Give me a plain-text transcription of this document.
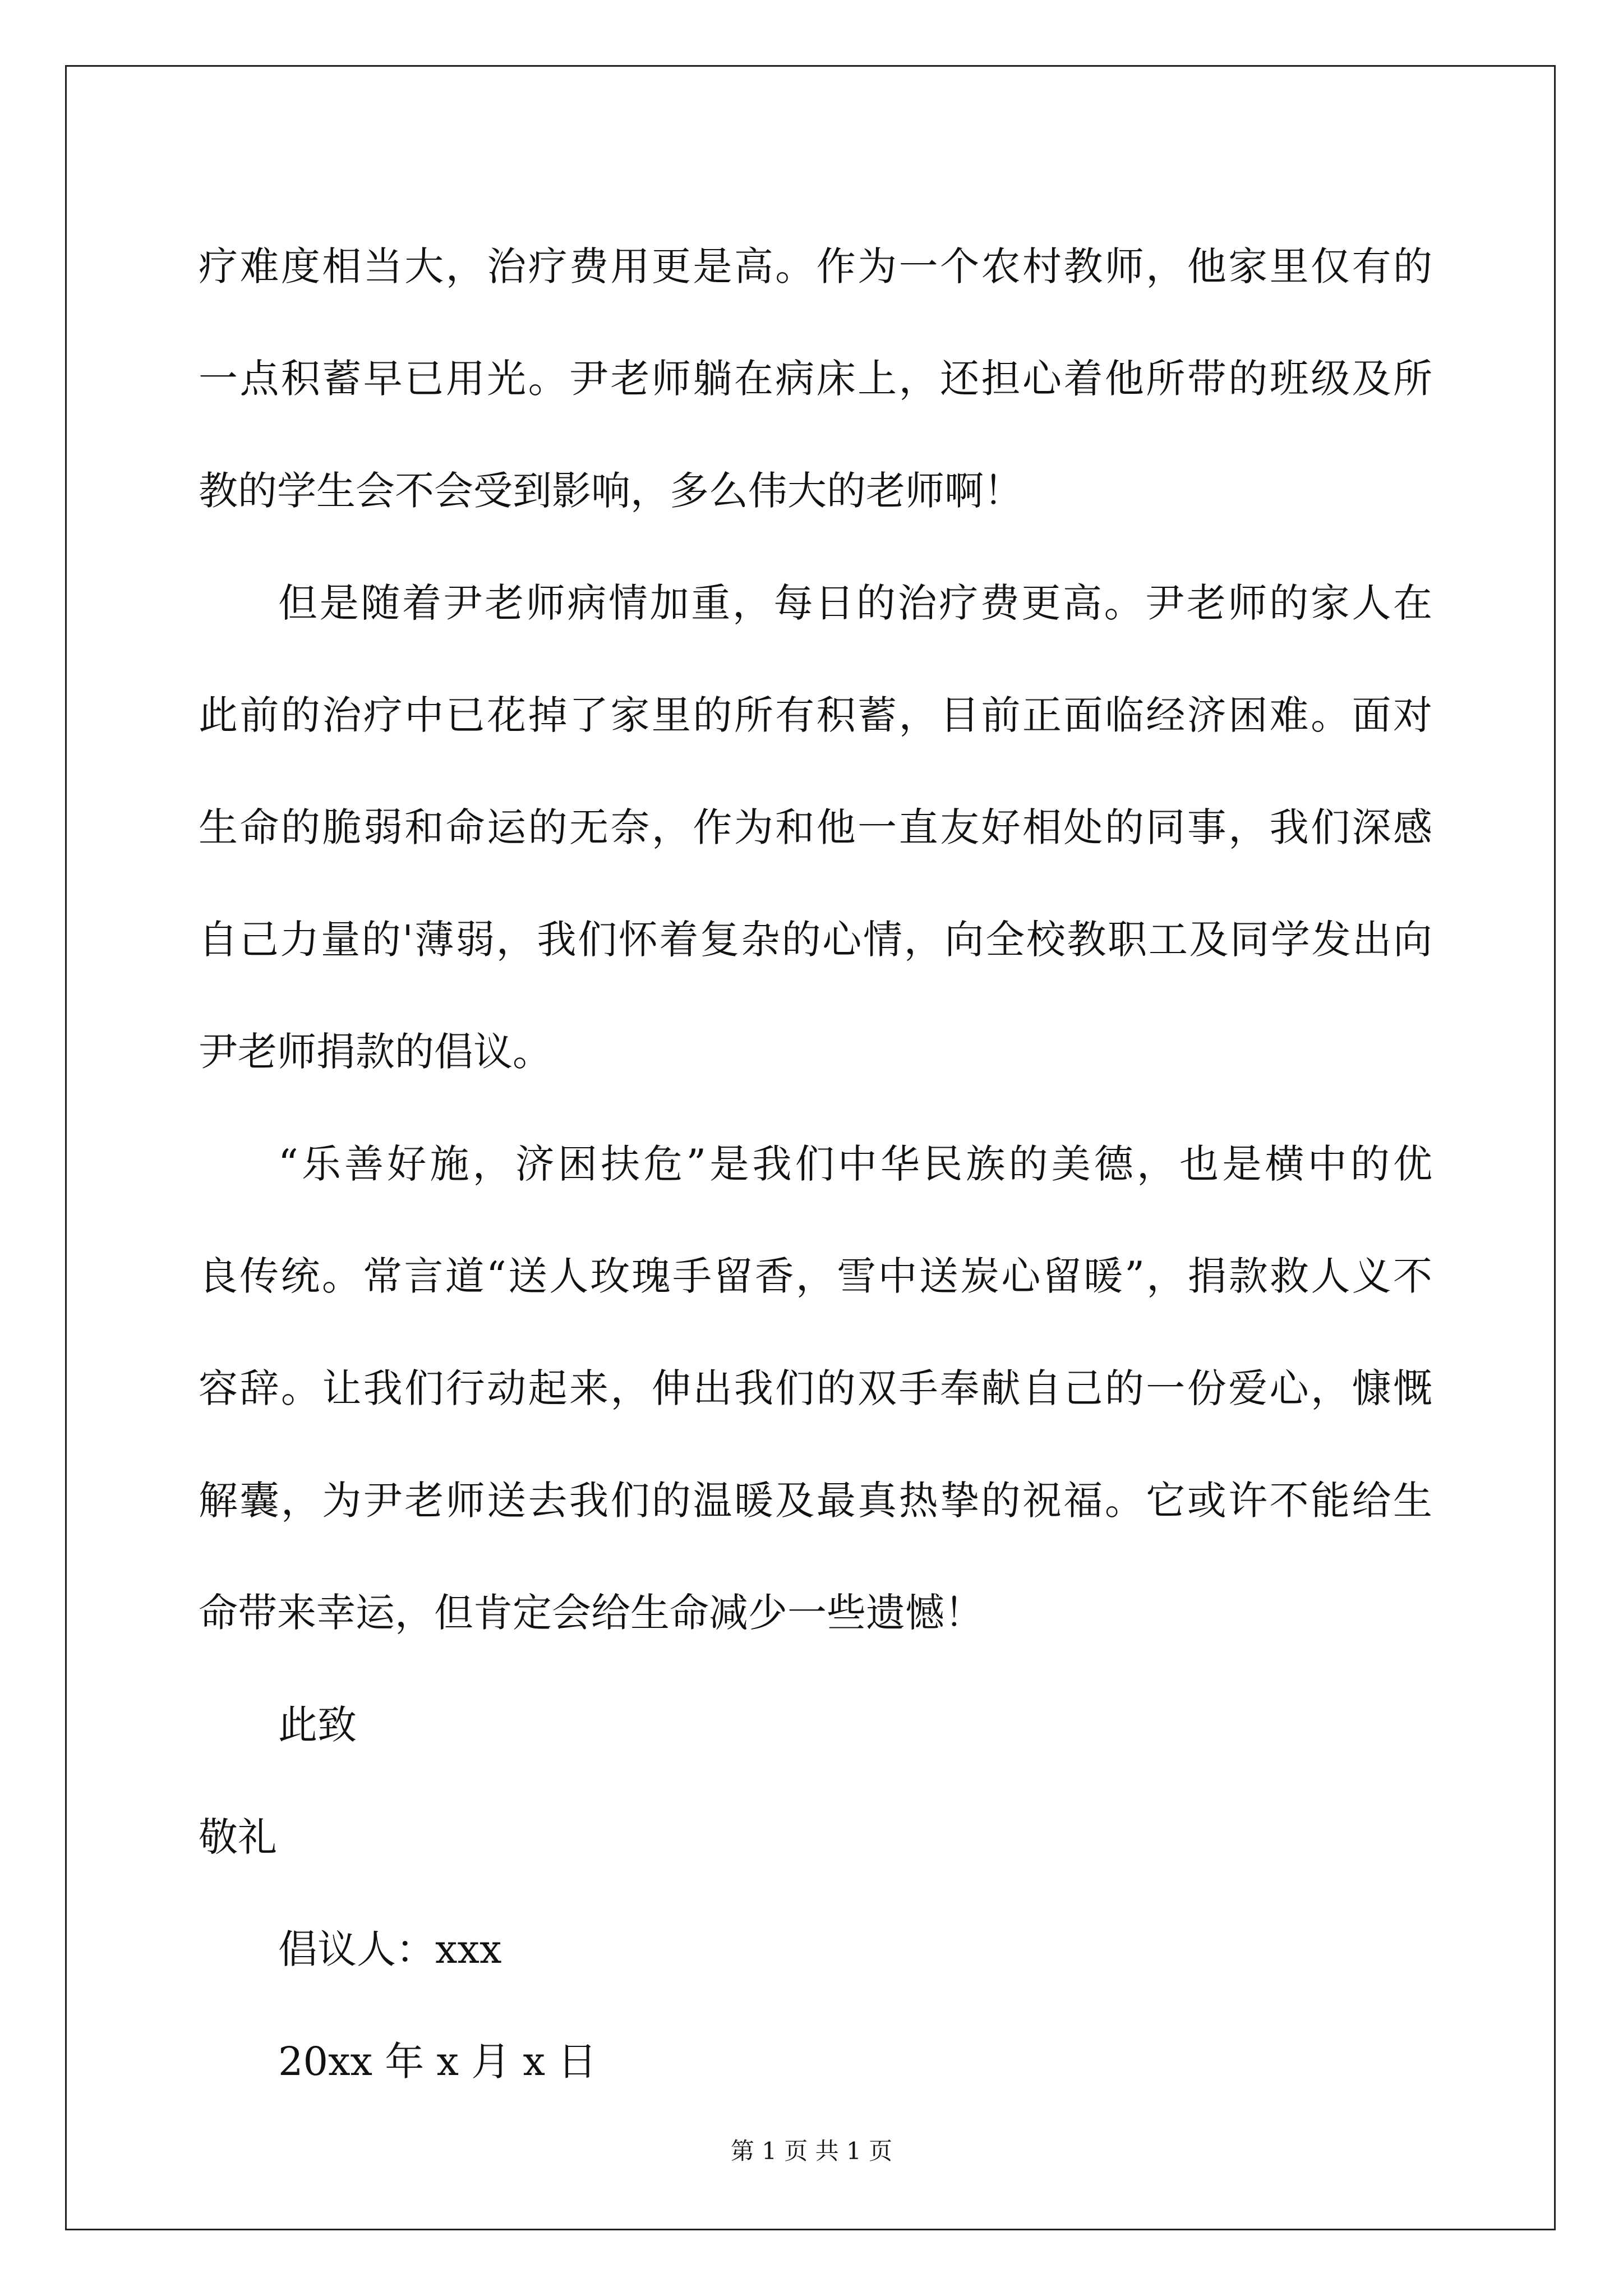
疗难度相当大，治疗费用更是高。作为一个农村教师，他家里仅有的
一点积蓄早已用光。尹老师躺在病床上，还担心着他所带的班级及所
教的学生会不会受到影响，多么伟大的老师啊！
但是随着尹老师病情加重，每日的治疗费更高。尹老师的家人在
此前的治疗中已花掉了家里的所有积蓄，目前正面临经济困难。面对
生命的脆弱和命运的无奈，作为和他一直友好相处的同事，我们深感
自己力量的'薄弱，我们怀着复杂的心情，向全校教职工及同学发出向
尹老师捐款的倡议。
“乐善好施，济困扶危”是我们中华民族的美德，也是横中的优
良传统。常言道“送人玫瑰手留香，雪中送炭心留暖”，捐款救人义不
容辞。让我们行动起来，伸出我们的双手奉献自己的一份爱心，慷慨
解囊，为尹老师送去我们的温暖及最真热挚的祝福。它或许不能给生
命带来幸运，但肯定会给生命减少一些遗憾！
此致
敬礼
倡议人：xxx
20xx 年 x 月 x 日
第 1 页 共 1 页
